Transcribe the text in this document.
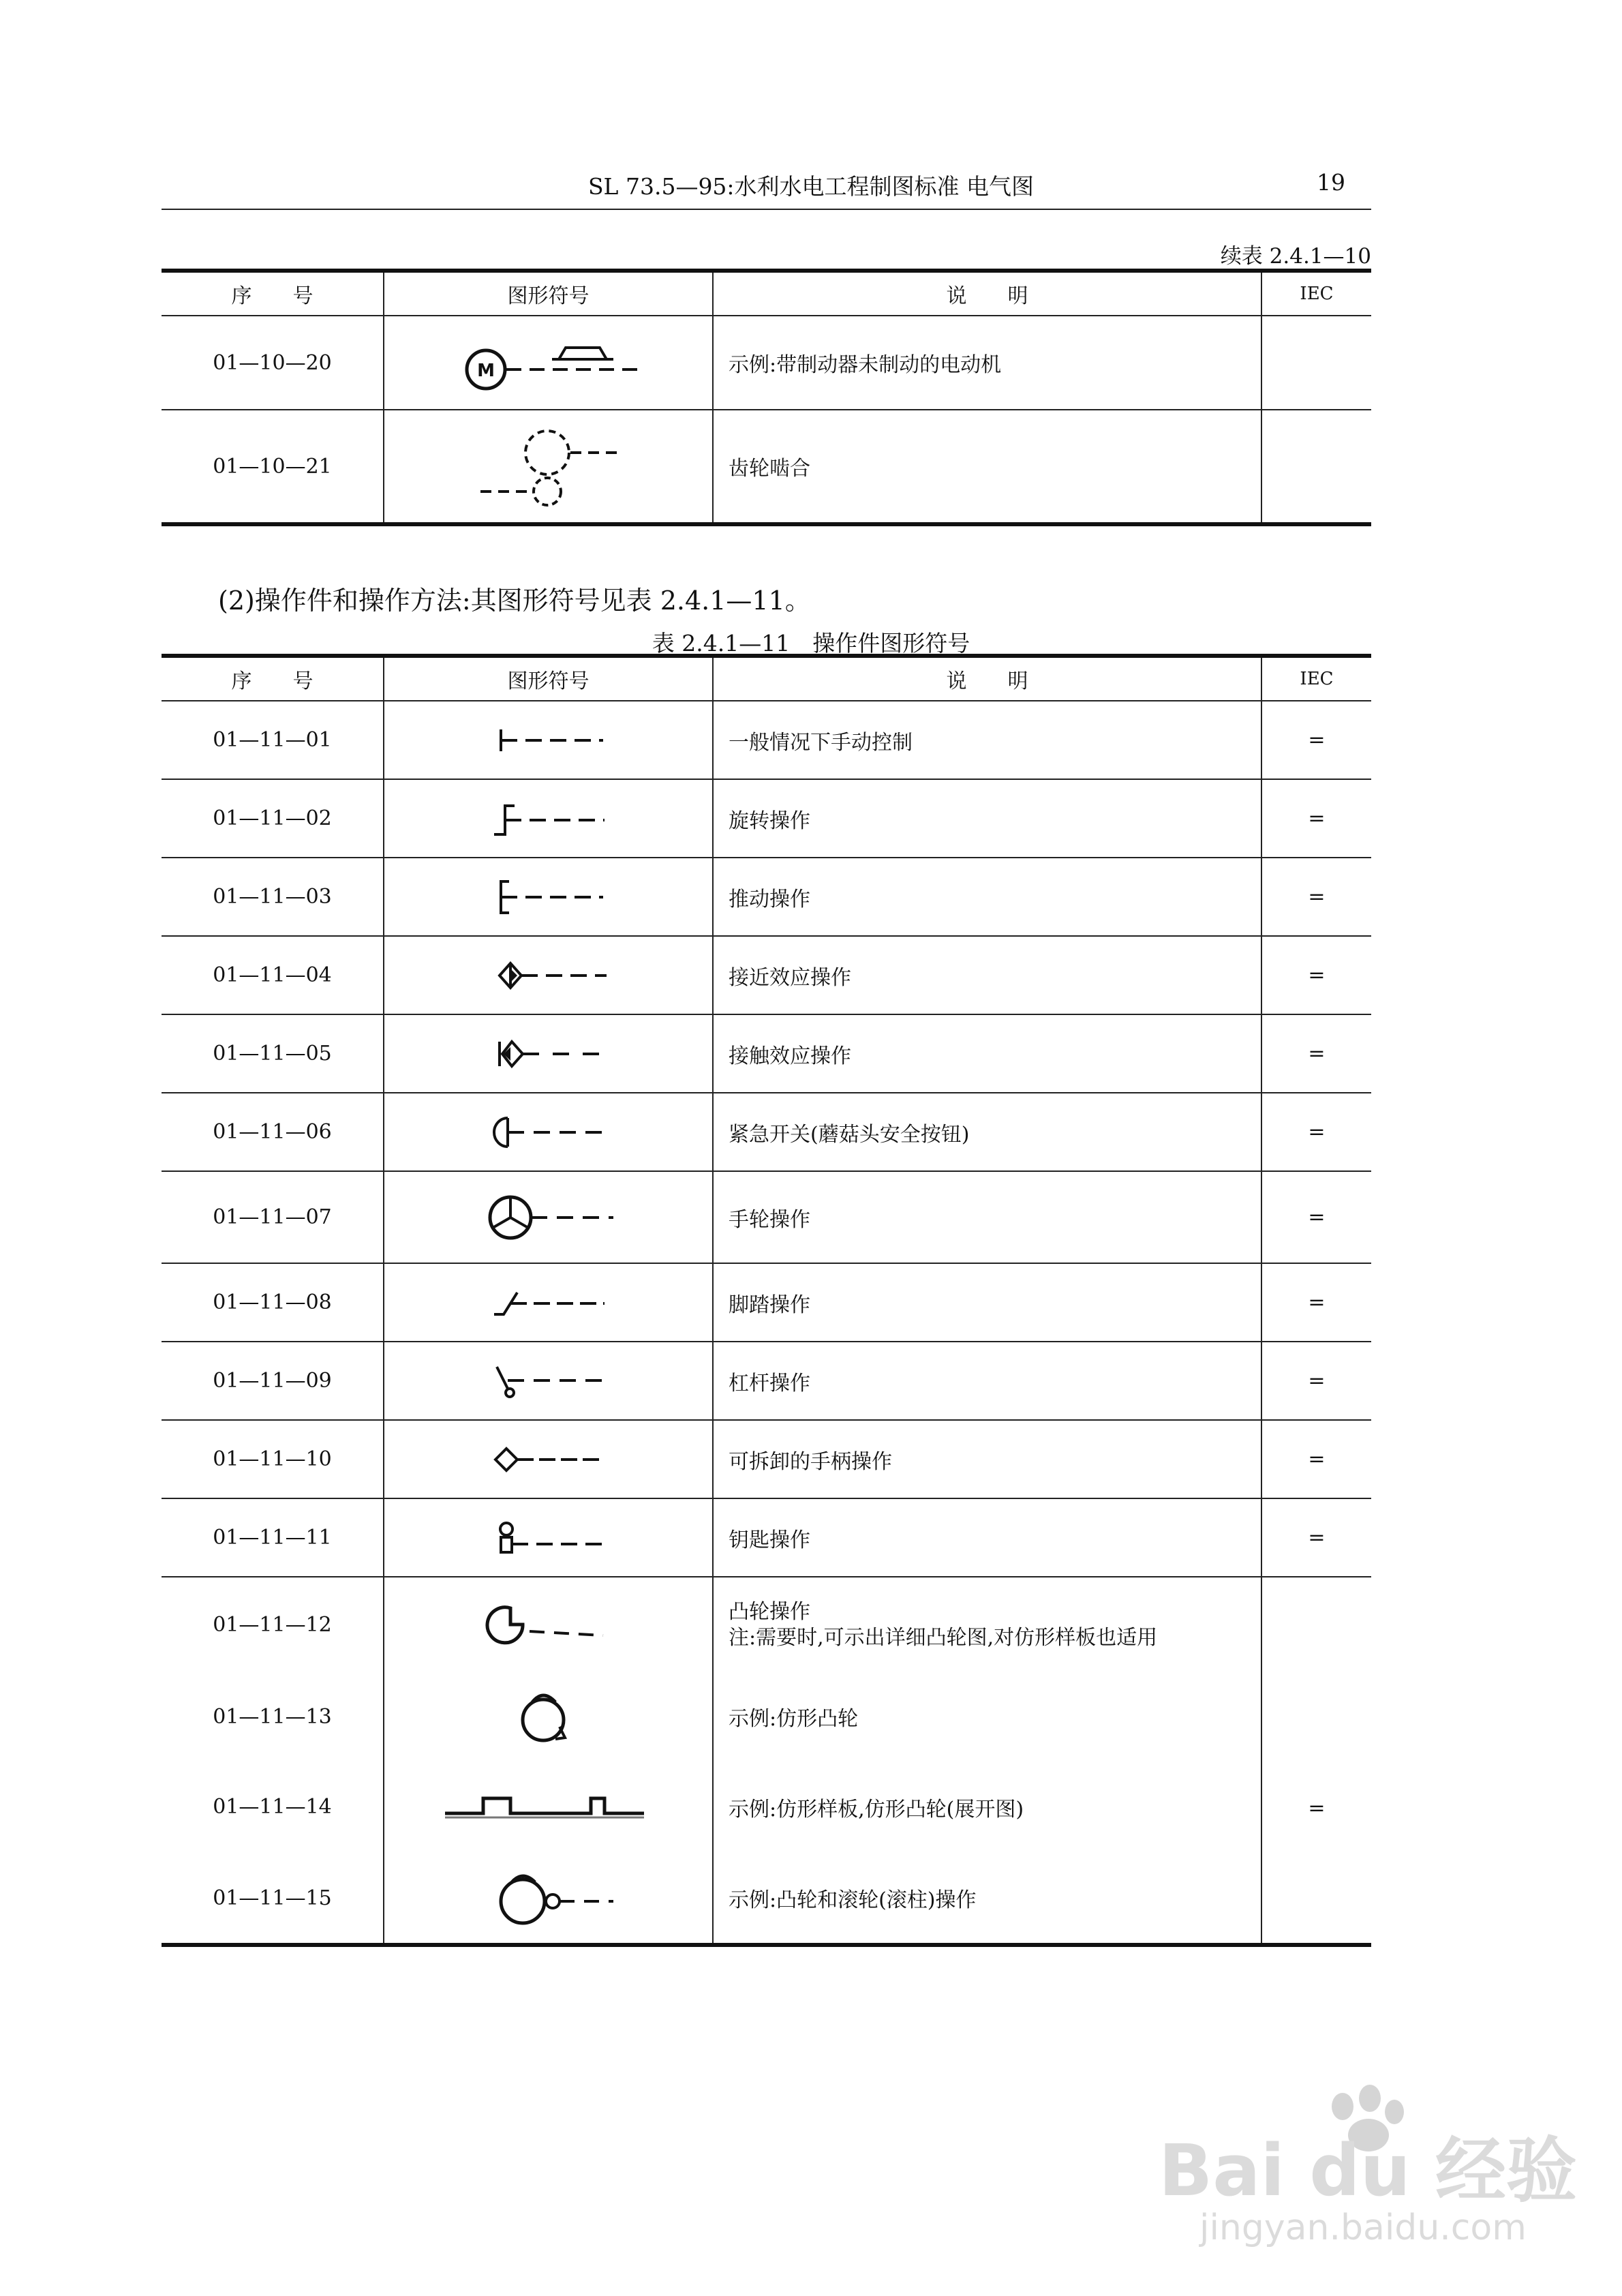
SL 73.5—95:水利水电工程制图标准 电气图	19
续表 2.4.1—10
序　　号	图形符号	说　　明	IEC
01—10—20	M	示例:带制动器未制动的电动机	
01—10—21		齿轮啮合	
(2)操作件和操作方法:其图形符号见表 2.4.1—11。
表 2.4.1—11　操作件图形符号
序　　号	图形符号	说　　明	IEC
01—11—01		一般情况下手动控制	=
01—11—02		旋转操作	=
01—11—03		推动操作	=
01—11—04		接近效应操作	=
01—11—05		接触效应操作	=
01—11—06		紧急开关(蘑菇头安全按钮)	=
01—11—07		手轮操作	=
01—11—08		脚踏操作	=
01—11—09		杠杆操作	=
01—11—10		可拆卸的手柄操作	=
01—11—11		钥匙操作	=
01—11—12		凸轮操作
注:需要时,可示出详细凸轮图,对仿形样板也适用	=
01—11—13		示例:仿形凸轮	
01—11—14		示例:仿形样板,仿形凸轮(展开图)	
01—11—15		示例:凸轮和滚轮(滚柱)操作	
Bai du 经验
jingyan.baidu.com
